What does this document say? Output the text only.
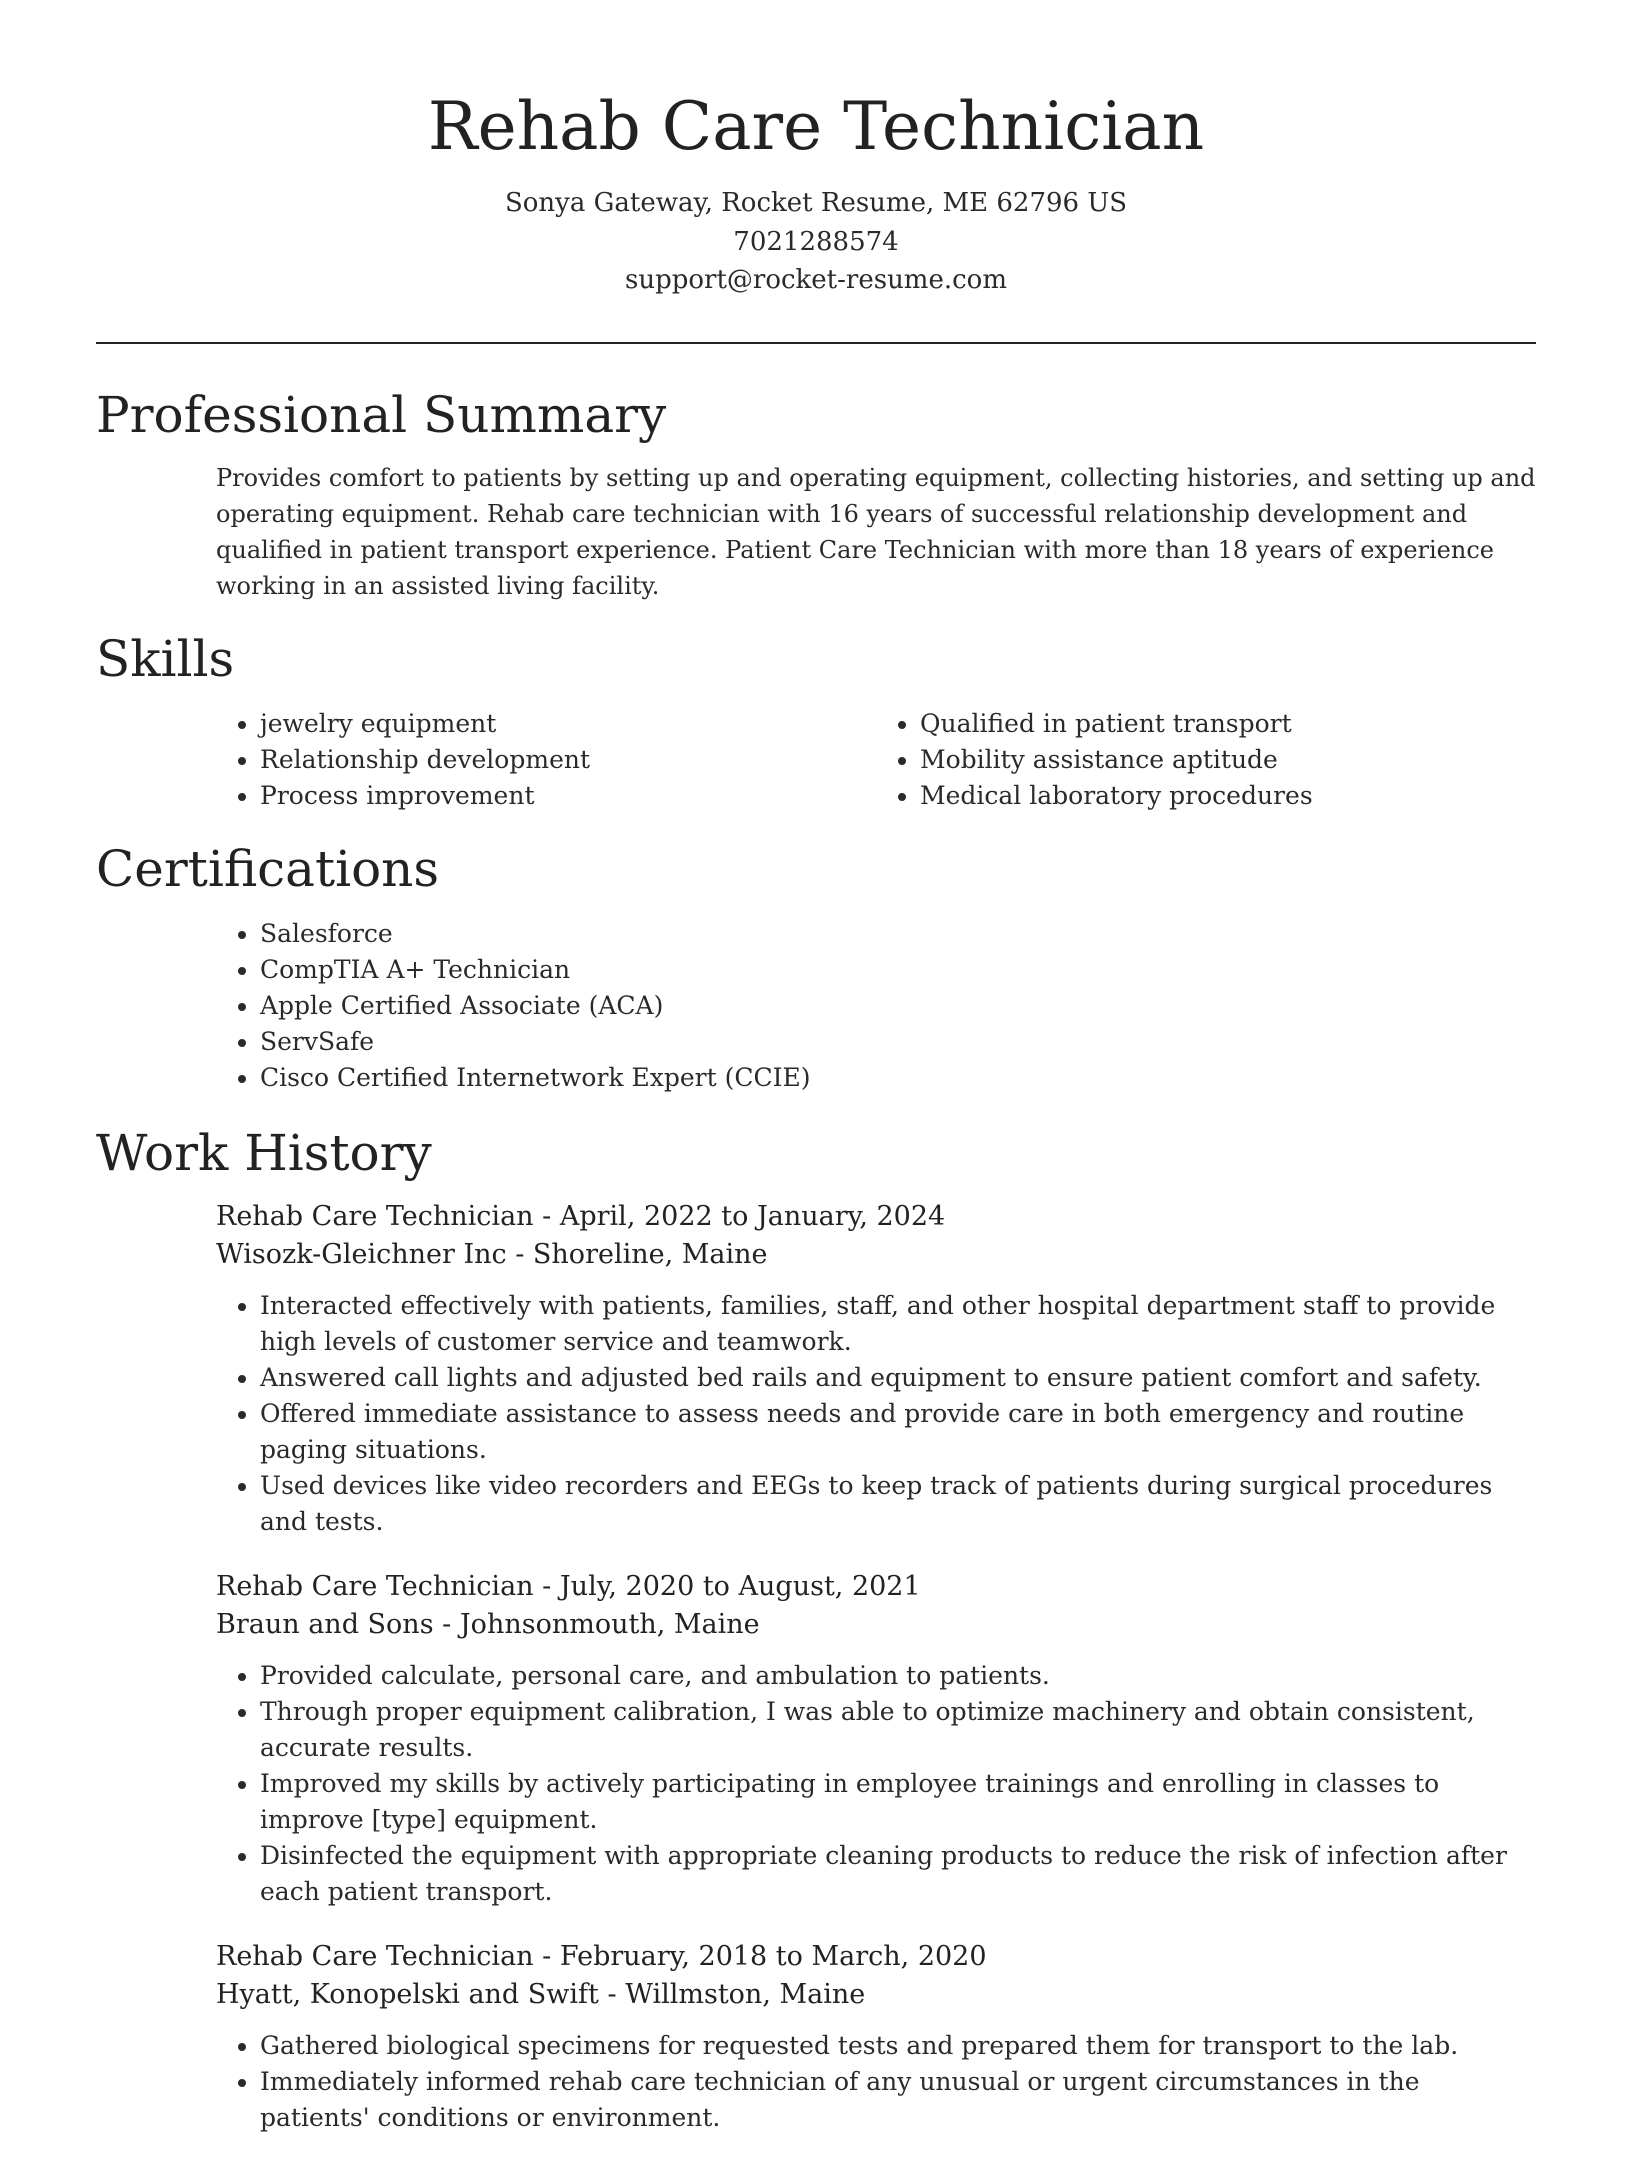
Rehab Care Technician
Sonya Gateway, Rocket Resume, ME 62796 US
7021288574
support@rocket-resume.com
Professional Summary

Provides comfort to patients by setting up and operating equipment, collecting histories, and setting up and operating equipment. Rehab care technician with 16 years of successful relationship development and qualified in patient transport experience. Patient Care Technician with more than 18 years of experience working in an assisted living facility.

Skills
• jewelry equipment
• Relationship development
• Process improvement
• Qualified in patient transport
• Mobility assistance aptitude
• Medical laboratory procedures
Certifications
• Salesforce
• CompTIA A+ Technician
• Apple Certified Associate (ACA)
• ServSafe
• Cisco Certified Internetwork Expert (CCIE)
Work History
Rehab Care Technician - April, 2022 to January, 2024
Wisozk-Gleichner Inc - Shoreline, Maine
• Interacted effectively with patients, families, staff, and other hospital department staff to provide high levels of customer service and teamwork.
• Answered call lights and adjusted bed rails and equipment to ensure patient comfort and safety.
• Offered immediate assistance to assess needs and provide care in both emergency and routine paging situations.
• Used devices like video recorders and EEGs to keep track of patients during surgical procedures and tests.
Rehab Care Technician - July, 2020 to August, 2021
Braun and Sons - Johnsonmouth, Maine
• Provided calculate, personal care, and ambulation to patients.
• Through proper equipment calibration, I was able to optimize machinery and obtain consistent, accurate results.
• Improved my skills by actively participating in employee trainings and enrolling in classes to improve [type] equipment.
• Disinfected the equipment with appropriate cleaning products to reduce the risk of infection after each patient transport.
Rehab Care Technician - February, 2018 to March, 2020
Hyatt, Konopelski and Swift - Willmston, Maine
• Gathered biological specimens for requested tests and prepared them for transport to the lab.
• Immediately informed rehab care technician of any unusual or urgent circumstances in the patients' conditions or environment.
